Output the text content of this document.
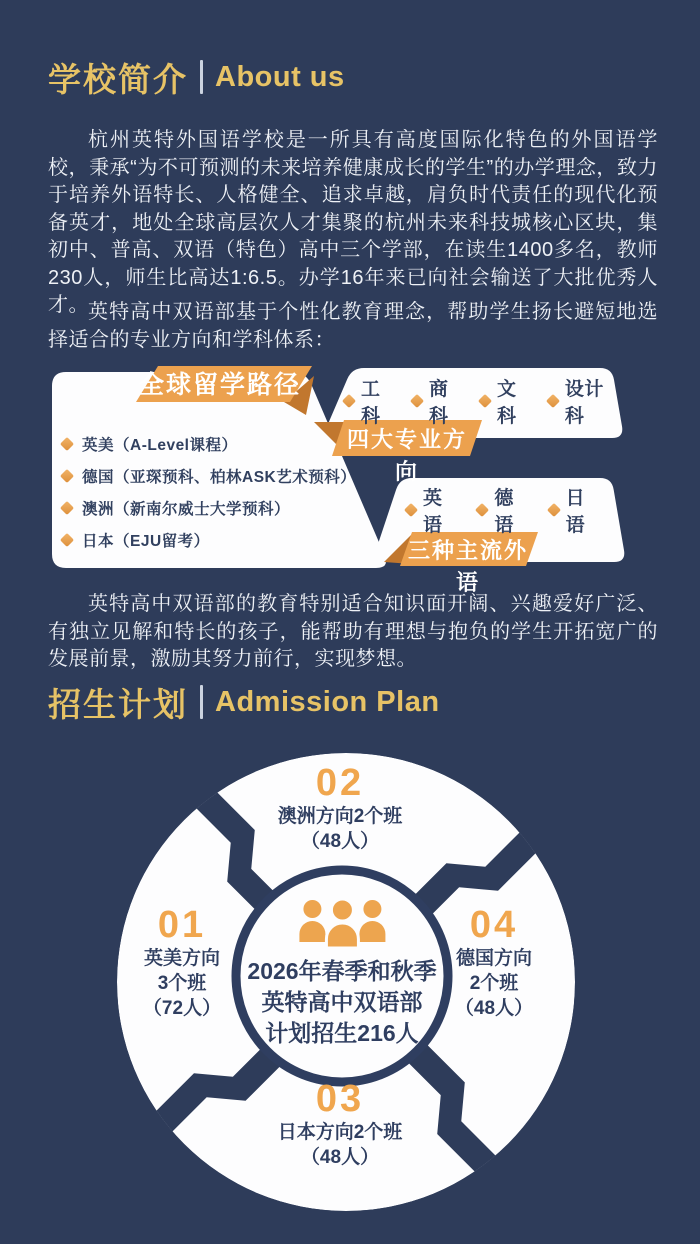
学校简介 About us

杭州英特外国语学校是一所具有高度国际化特色的外国语学校，秉承“为不可预测的未来培养健康成长的学生”的办学理念，致力于培养外语特长、人格健全、追求卓越，肩负时代责任的现代化预备英才，地处全球高层次人才集聚的杭州未来科技城核心区块，集初中、普高、双语（特色）高中三个学部，在读生1400多名，教师230人，师生比高达1:6.5。办学16年来已向社会输送了大批优秀人才。 英特高中双语部基于个性化教育理念，帮助学生扬长避短地选择适合的专业方向和学科体系：

全球留学路径
四大专业方向
三种主流外语
英美（A-Level课程）
德国（亚琛预科、柏林ASK艺术预科）
澳洲（新南尔威士大学预科）
日本（EJU留考）
工科
商科
文科
设计科
英语
德语
日语

英特高中双语部的教育特别适合知识面开阔、兴趣爱好广泛、有独立见解和特长的孩子，能帮助有理想与抱负的学生开拓宽广的发展前景，激励其努力前行，实现梦想。

招生计划 Admission Plan
02
澳洲方向2个班
（48人）
01
英美方向
3个班
（72人）
04
德国方向
2个班
（48人）
03
日本方向2个班
（48人）
2026年春季和秋季
英特高中双语部
计划招生216人
